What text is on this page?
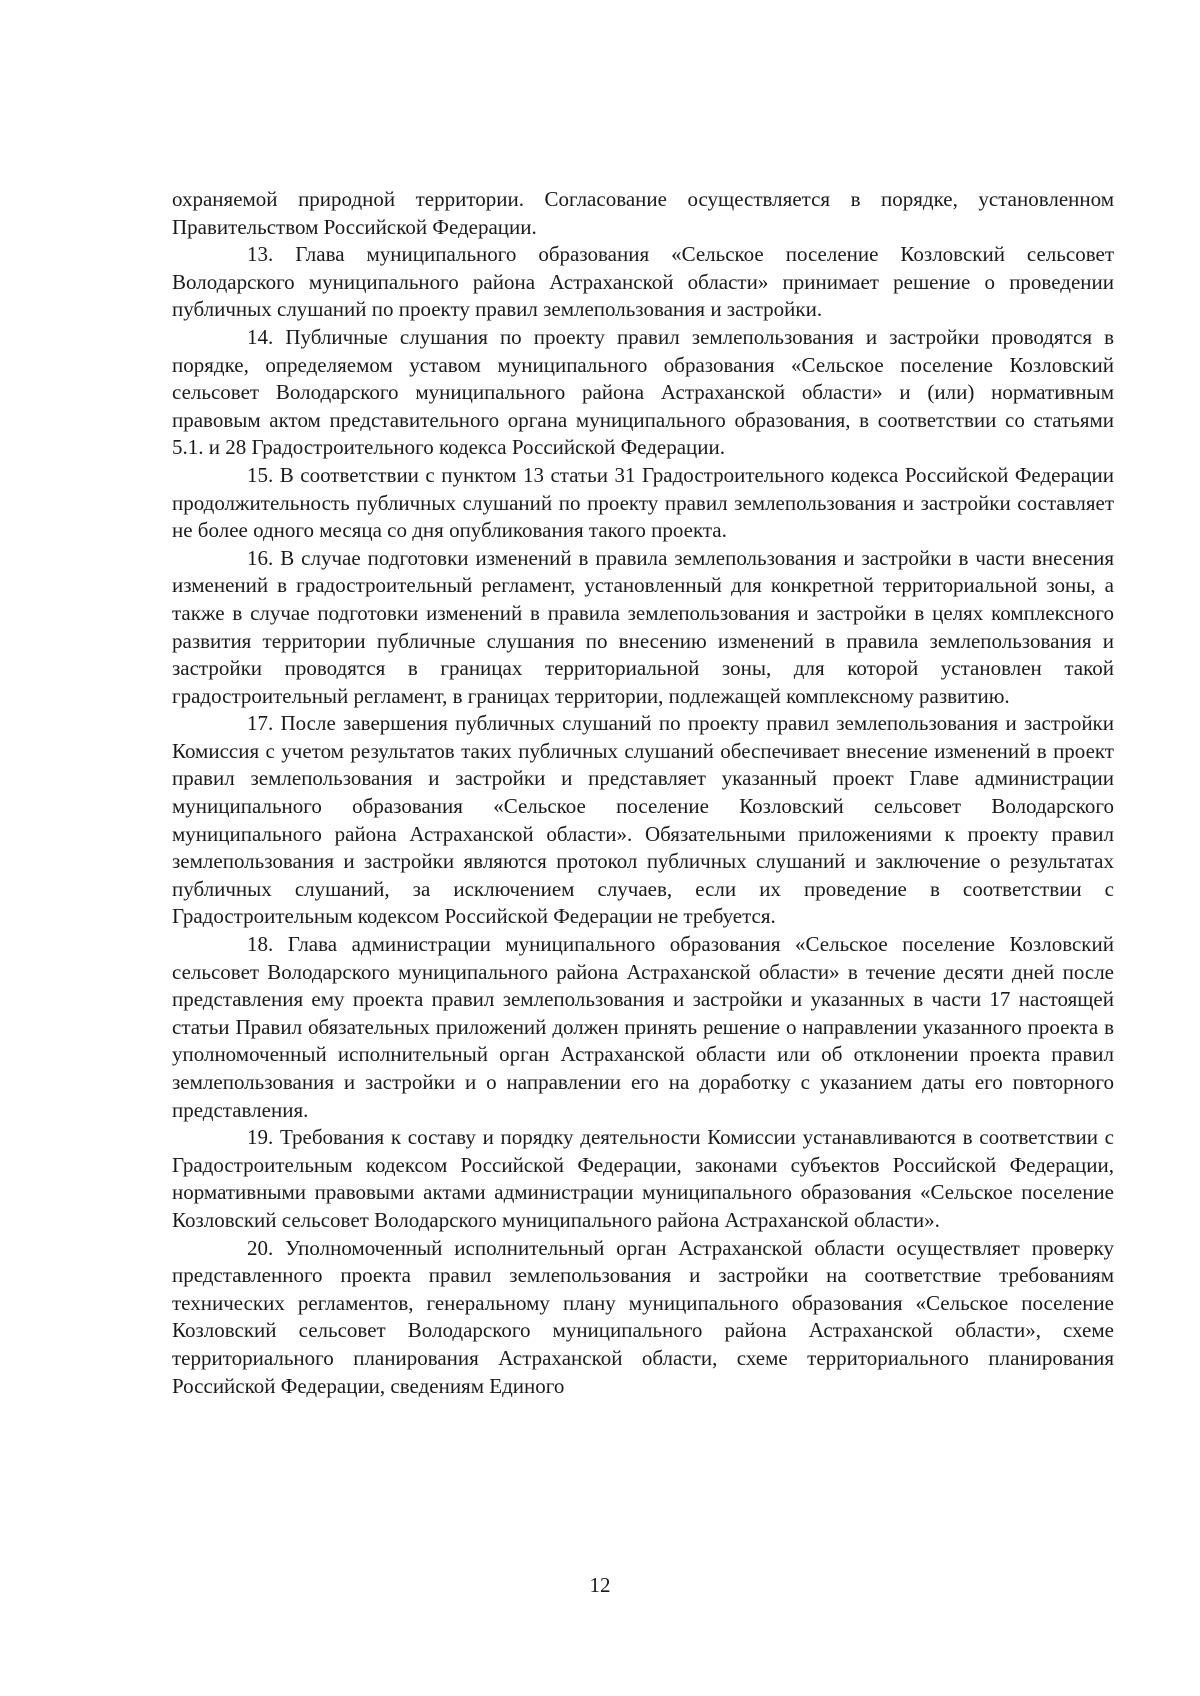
охраняемой природной территории. Согласование осуществляется в порядке, установленном Правительством Российской Федерации.

13. Глава муниципального образования «Сельское поселение Козловский сельсовет Володарского муниципального района Астраханской области» принимает решение о проведении публичных слушаний по проекту правил землепользования и застройки.

14. Публичные слушания по проекту правил землепользования и застройки проводятся в порядке, определяемом уставом муниципального образования «Сельское поселение Козловский сельсовет Володарского муниципального района Астраханской области» и (или) нормативным правовым актом представительного органа муниципального образования, в соответствии со статьями 5.1. и 28 Градостроительного кодекса Российской Федерации.

15. В соответствии с пунктом 13 статьи 31 Градостроительного кодекса Российской Федерации продолжительность публичных слушаний по проекту правил землепользования и застройки составляет не более одного месяца со дня опубликования такого проекта.

16. В случае подготовки изменений в правила землепользования и застройки в части внесения изменений в градостроительный регламент, установленный для конкретной территориальной зоны, а также в случае подготовки изменений в правила землепользования и застройки в целях комплексного развития территории публичные слушания по внесению изменений в правила землепользования и застройки проводятся в границах территориальной зоны, для которой установлен такой градостроительный регламент, в границах территории, подлежащей комплексному развитию.

17. После завершения публичных слушаний по проекту правил землепользования и застройки Комиссия с учетом результатов таких публичных слушаний обеспечивает внесение изменений в проект правил землепользования и застройки и представляет указанный проект Главе администрации муниципального образования «Сельское поселение Козловский сельсовет Володарского муниципального района Астраханской области». Обязательными приложениями к проекту правил землепользования и застройки являются протокол публичных слушаний и заключение о результатах публичных слушаний, за исключением случаев, если их проведение в соответствии с Градостроительным кодексом Российской Федерации не требуется.

18. Глава администрации муниципального образования «Сельское поселение Козловский сельсовет Володарского муниципального района Астраханской области» в течение десяти дней после представления ему проекта правил землепользования и застройки и указанных в части 17 настоящей статьи Правил обязательных приложений должен принять решение о направлении указанного проекта в уполномоченный исполнительный орган Астраханской области или об отклонении проекта правил землепользования и застройки и о направлении его на доработку с указанием даты его повторного представления.

19. Требования к составу и порядку деятельности Комиссии устанавливаются в соответствии с Градостроительным кодексом Российской Федерации, законами субъектов Российской Федерации, нормативными правовыми актами администрации муниципального образования «Сельское поселение Козловский сельсовет Володарского муниципального района Астраханской области».

20. Уполномоченный исполнительный орган Астраханской области осуществляет проверку представленного проекта правил землепользования и застройки на соответствие требованиям технических регламентов, генеральному плану муниципального образования «Сельское поселение Козловский сельсовет Володарского муниципального района Астраханской области», схеме территориального планирования Астраханской области, схеме территориального планирования Российской Федерации, сведениям Единого

12
